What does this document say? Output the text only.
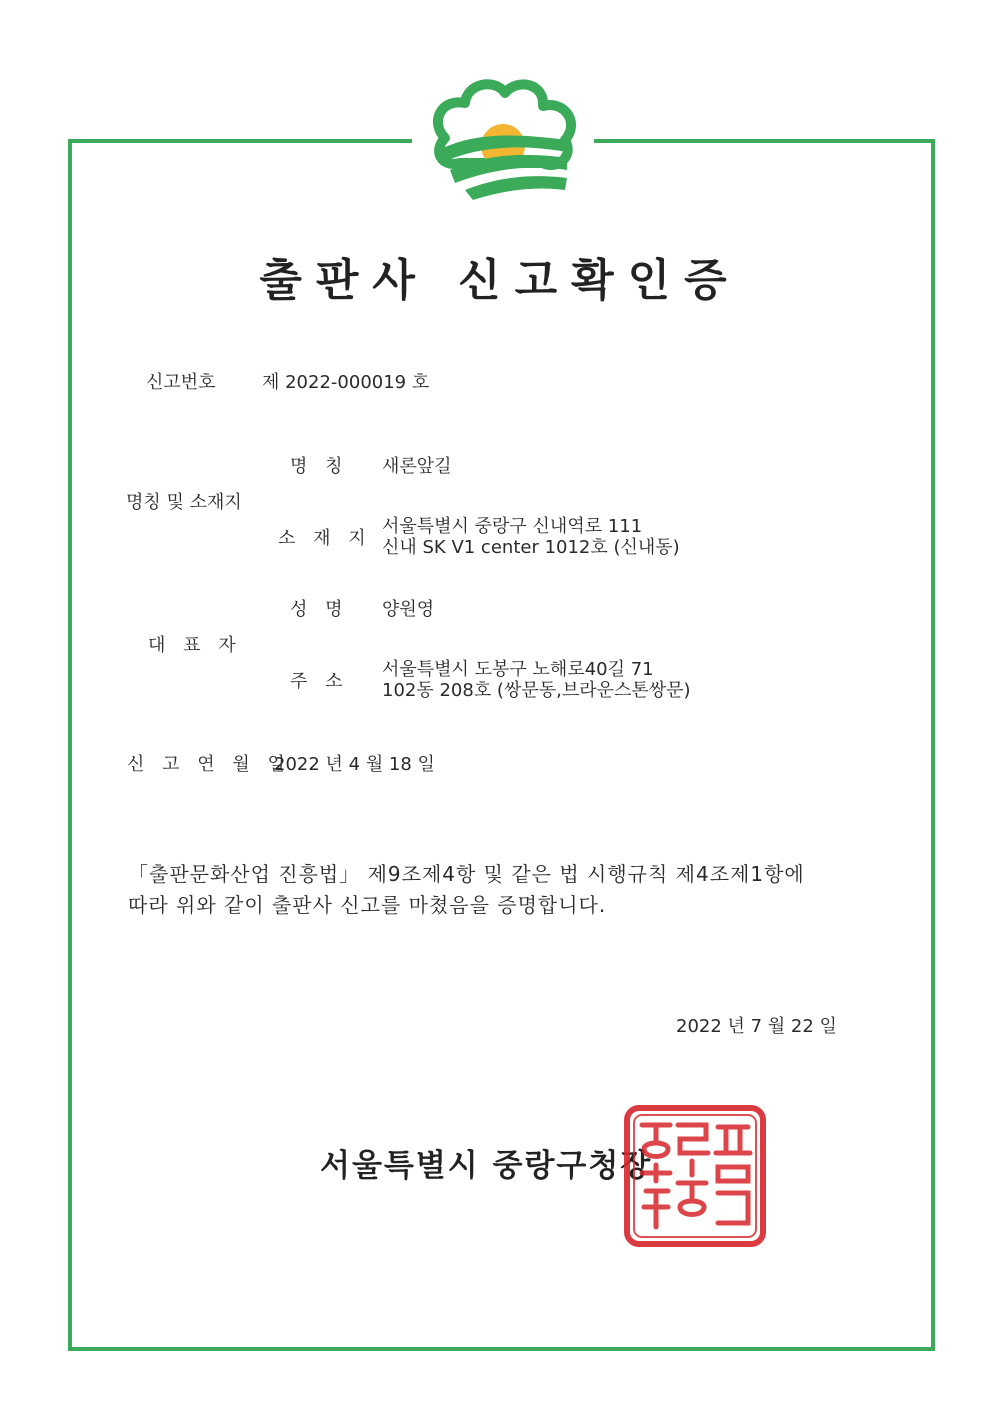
출판사 신고확인증
신고번호	제 2022-000019 호
명칭 및 소재지
명 칭 새론앞길
소 재 지
서울특별시 중랑구 신내역로 111
신내 SK V1 center 1012호 (신내동)
대 표 자
성 명 양원영
주 소
서울특별시 도봉구 노해로40길 71
102동 208호 (쌍문동,브라운스톤쌍문)
신 고 연 월 일
2022 년 4 월 18 일
「출판문화산업 진흥법」 제9조제4항 및 같은 법 시행규칙 제4조제1항에
따라 위와 같이 출판사 신고를 마쳤음을 증명합니다.
2022 년 7 월 22 일
서울특별시 중랑구청장
